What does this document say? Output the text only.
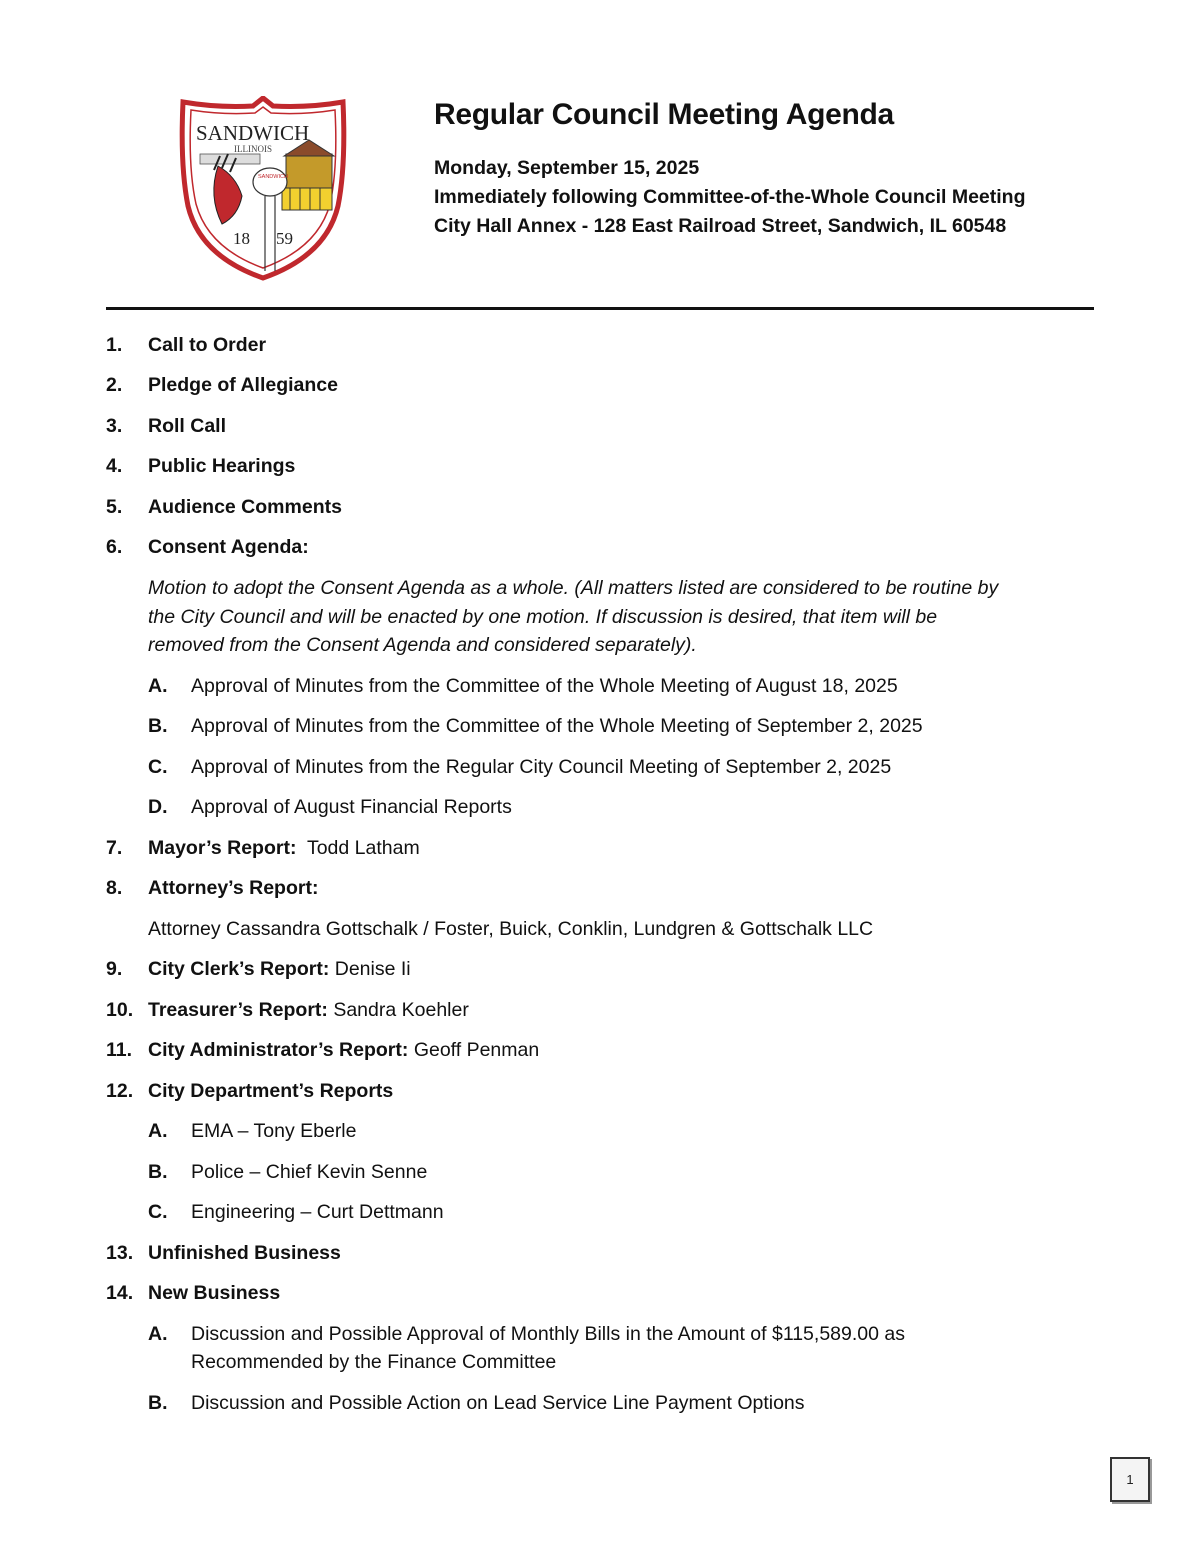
SANDWICH
ILLINOIS
SANDWICH
18 59
Regular Council Meeting Agenda

Monday, September 15, 2025

Immediately following Committee-of-the-Whole Council Meeting

City Hall Annex - 128 East Railroad Street, Sandwich, IL 60548

1. Call to Order
2. Pledge of Allegiance
3. Roll Call
4. Public Hearings
5. Audience Comments
6. Consent Agenda:

Motion to adopt the Consent Agenda as a whole. (All matters listed are considered to be routine by

the City Council and will be enacted by one motion. If discussion is desired, that item will be

removed from the Consent Agenda and considered separately).

A. Approval of Minutes from the Committee of the Whole Meeting of August 18, 2025
B. Approval of Minutes from the Committee of the Whole Meeting of September 2, 2025
C. Approval of Minutes from the Regular City Council Meeting of September 2, 2025
D. Approval of August Financial Reports
7. Mayor’s Report: Todd Latham
8. Attorney’s Report:

Attorney Cassandra Gottschalk / Foster, Buick, Conklin, Lundgren & Gottschalk LLC

9. City Clerk’s Report: Denise Ii
10. Treasurer’s Report: Sandra Koehler
11. City Administrator’s Report: Geoff Penman
12. City Department’s Reports
A. EMA – Tony Eberle
B. Police – Chief Kevin Senne
C. Engineering – Curt Dettmann
13. Unfinished Business
14. New Business
A. Discussion and Possible Approval of Monthly Bills in the Amount of $115,589.00 as
Recommended by the Finance Committee
B. Discussion and Possible Action on Lead Service Line Payment Options
1
